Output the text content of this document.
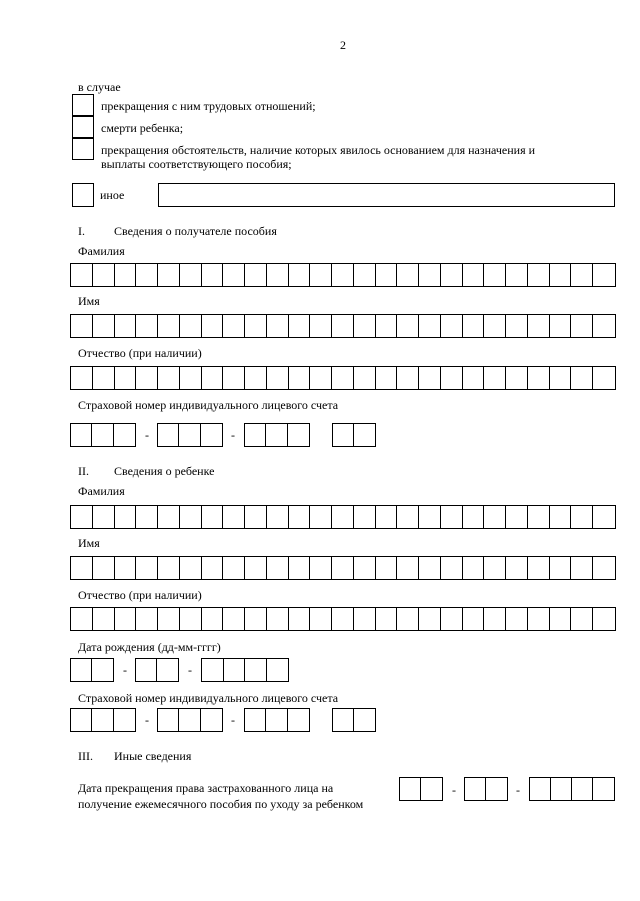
2
в случае
прекращения с ним трудовых отношений;
смерти ребенка;
прекращения обстоятельств, наличие которых явилось основанием для назначения и
выплаты соответствующего пособия;
иное
I. Сведения о получателе пособия
Фамилия
Имя
Отчество (при наличии)
Страховой номер индивидуального лицевого счета
-	-
II. Сведения о ребенке
Фамилия
Имя
Отчество (при наличии)
Дата рождения (дд-мм-гггг)
-	-
Страховой номер индивидуального лицевого счета
-	-
III. Иные сведения
Дата прекращения права застрахованного лица на
получение ежемесячного пособия по уходу за ребенком
-	-
